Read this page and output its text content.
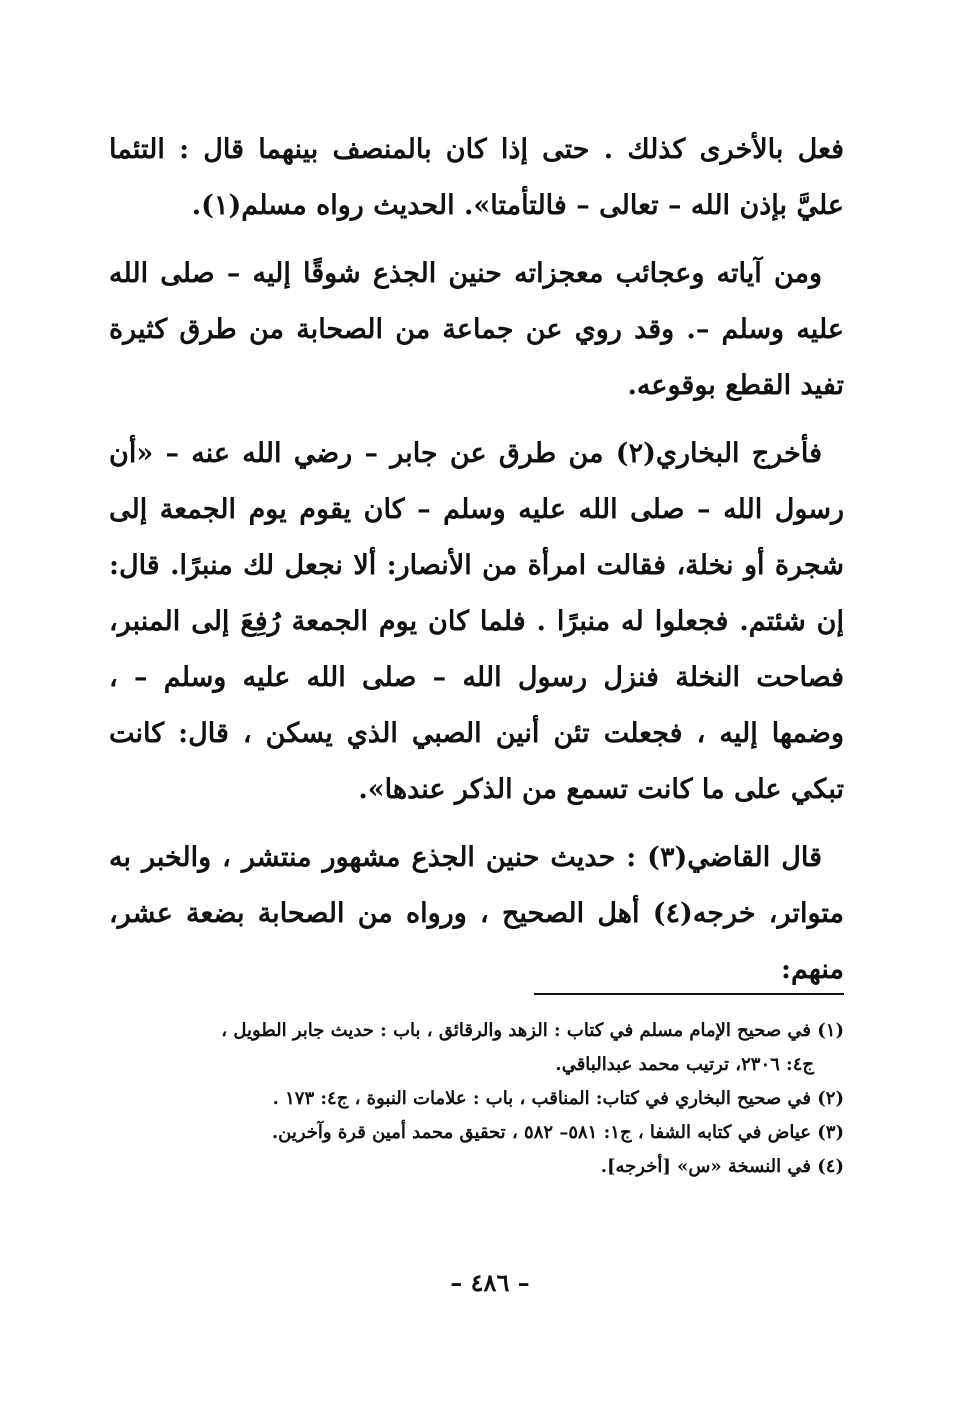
فعل بالأخرى كذلك . حتى إذا كان بالمنصف بينهما قال : التئما عليَّ بإذن الله – تعالى – فالتأمتا». الحديث رواه مسلم(١).

ومن آياته وعجائب معجزاته حنين الجذع شوقًا إليه – صلى الله عليه وسلم –. وقد روي عن جماعة من الصحابة من طرق كثيرة تفيد القطع بوقوعه.

فأخرج البخاري(٢) من طرق عن جابر – رضي الله عنه – «أن رسول الله – صلى الله عليه وسلم – كان يقوم يوم الجمعة إلى شجرة أو نخلة، فقالت امرأة من الأنصار: ألا نجعل لك منبرًا. قال: إن شئتم. فجعلوا له منبرًا . فلما كان يوم الجمعة رُفِعَ إلى المنبر، فصاحت النخلة فنزل رسول الله – صلى الله عليه وسلم – ، وضمها إليه ، فجعلت تئن أنين الصبي الذي يسكن ، قال: كانت تبكي على ما كانت تسمع من الذكر عندها».

قال القاضي(٣) : حديث حنين الجذع مشهور منتشر ، والخبر به متواتر، خرجه(٤) أهل الصحيح ، ورواه من الصحابة بضعة عشر، منهم:

(١) في صحيح الإمام مسلم في كتاب : الزهد والرقائق ، باب : حديث جابر الطويل ،

ج٤: ٢٣٠٦، ترتيب محمد عبدالباقي.

(٢) في صحيح البخاري في كتاب: المناقب ، باب : علامات النبوة ، ج٤: ١٧٣ .

(٣) عياض في كتابه الشفا ، ج١: ٥٨١– ٥٨٢ ، تحقيق محمد أمين قرة وآخرين.

(٤) في النسخة «س» [أخرجه].

– ٤٨٦ –
